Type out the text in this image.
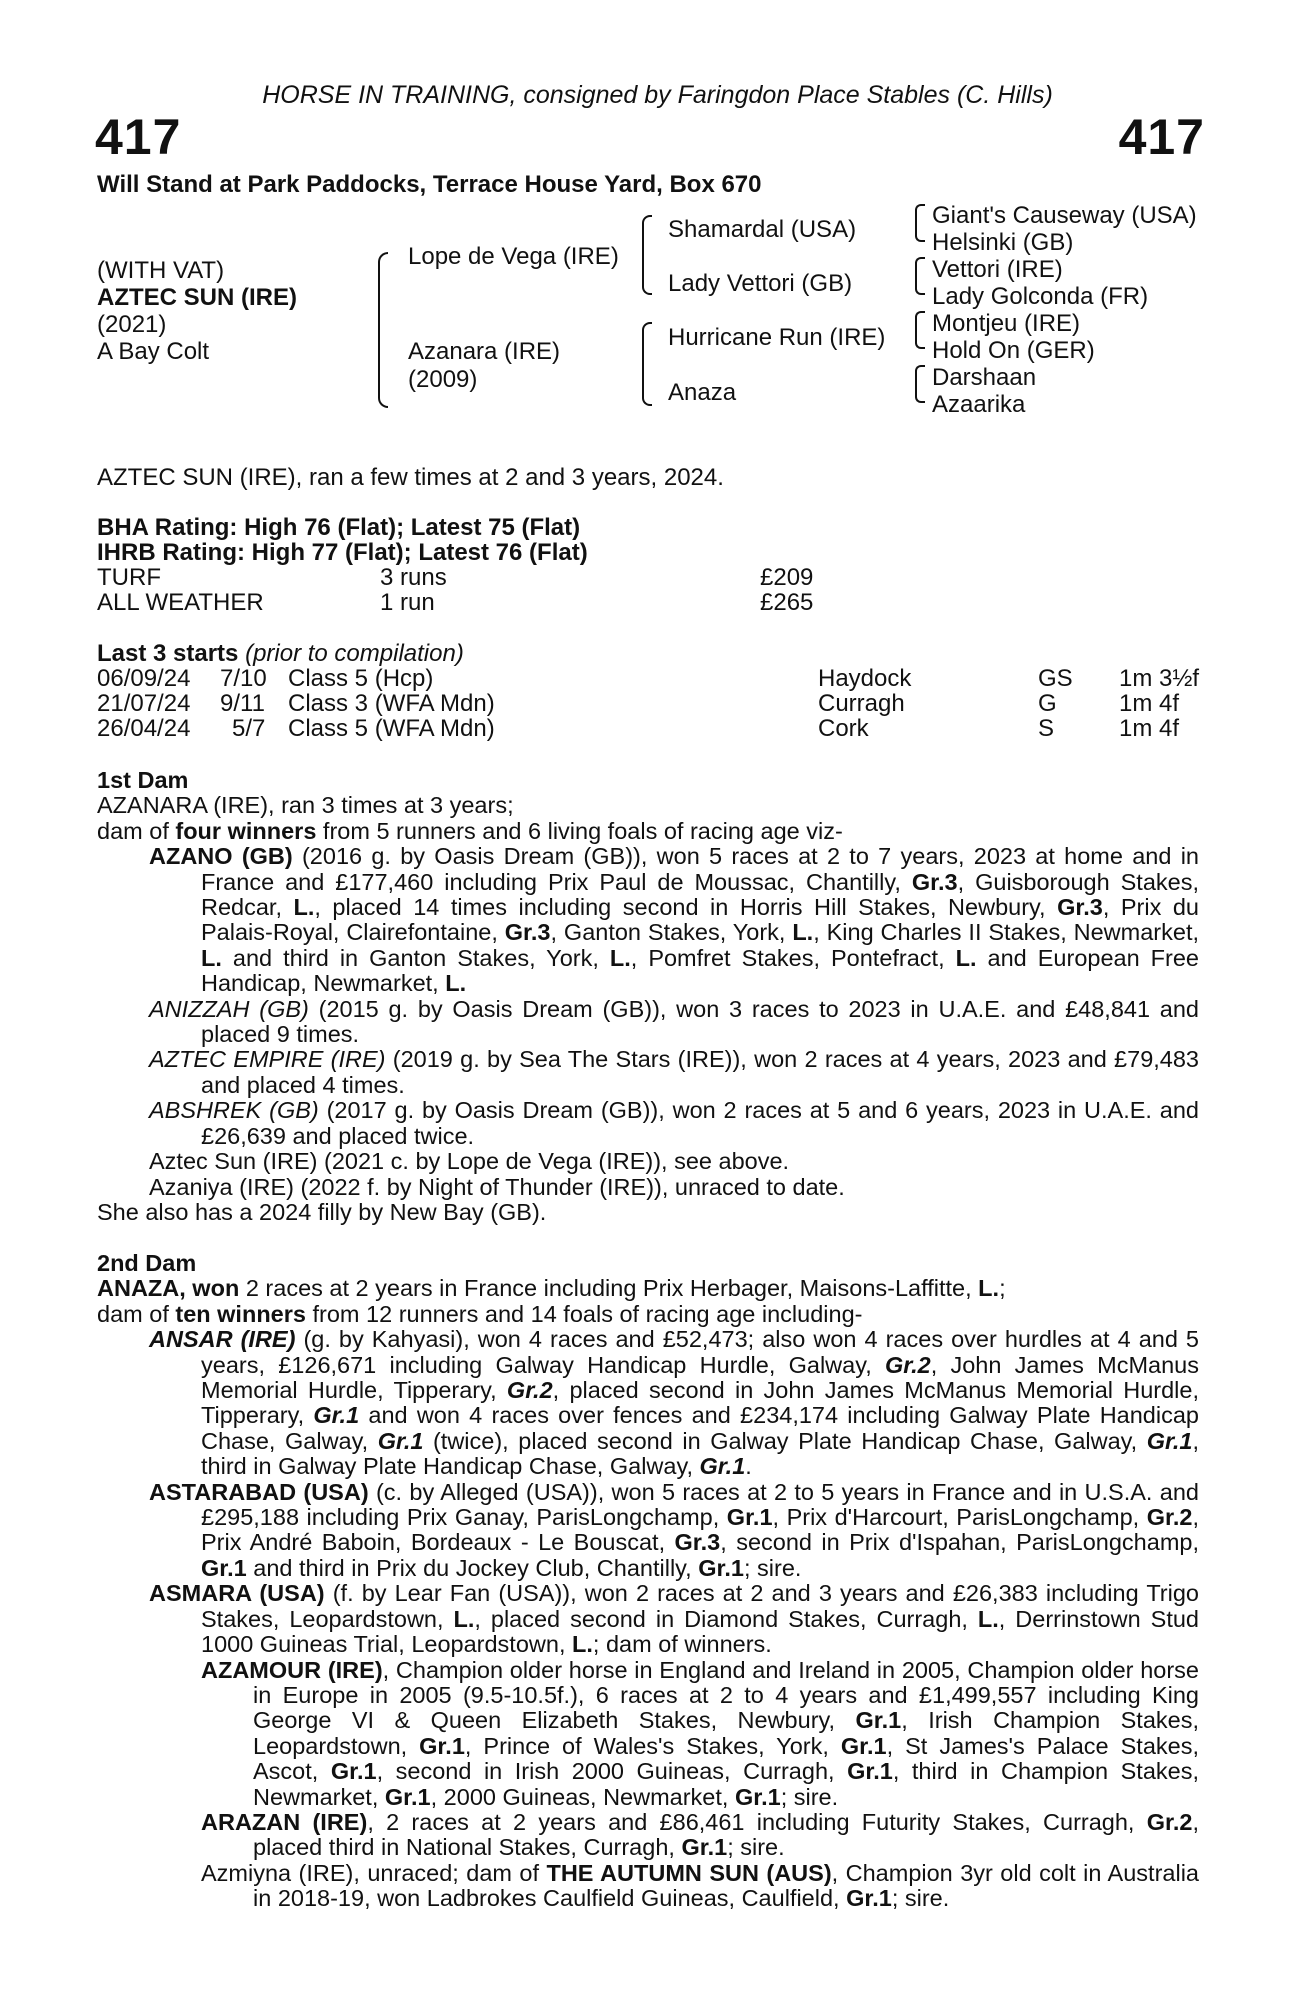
HORSE IN TRAINING, consigned by Faringdon Place Stables (C. Hills)
417	417
Will Stand at Park Paddocks, Terrace House Yard, Box 670
(WITH VAT)
AZTEC SUN (IRE)
(2021)
A Bay Colt
Lope de Vega (IRE)
Azanara (IRE)
(2009)
Shamardal (USA)
Lady Vettori (GB)
Hurricane Run (IRE)
Anaza
Giant's Causeway (USA)
Helsinki (GB)
Vettori (IRE)
Lady Golconda (FR)
Montjeu (IRE)
Hold On (GER)
Darshaan
Azaarika
AZTEC SUN (IRE), ran a few times at 2 and 3 years, 2024.
BHA Rating: High 76 (Flat); Latest 75 (Flat)
IHRB Rating: High 77 (Flat); Latest 76 (Flat)
TURF	3 runs	£209
ALL WEATHER	1 run	£265
Last 3 starts (prior to compilation)
06/09/24 7/10 Class 5 (Hcp)	Haydock	GS 1m 3½f
21/07/24 9/11 Class 3 (WFA Mdn)	Curragh	G	1m 4f
26/04/24 5/7 Class 5 (WFA Mdn)	Cork	S	1m 4f

1st Dam

AZANARA (IRE), ran 3 times at 3 years;

dam of four winners from 5 runners and 6 living foals of racing age viz-

AZANO (GB) (2016 g. by Oasis Dream (GB)), won 5 races at 2 to 7 years, 2023 at home and in France and £177,460 including Prix Paul de Moussac, Chantilly, Gr.3, Guisborough Stakes, Redcar, L., placed 14 times including second in Horris Hill Stakes, Newbury, Gr.3, Prix du Palais-Royal, Clairefontaine, Gr.3, Ganton Stakes, York, L., King Charles II Stakes, Newmarket, L. and third in Ganton Stakes, York, L., Pomfret Stakes, Pontefract, L. and European Free Handicap, Newmarket, L.

ANIZZAH (GB) (2015 g. by Oasis Dream (GB)), won 3 races to 2023 in U.A.E. and £48,841 and placed 9 times.

AZTEC EMPIRE (IRE) (2019 g. by Sea The Stars (IRE)), won 2 races at 4 years, 2023 and £79,483 and placed 4 times.

ABSHREK (GB) (2017 g. by Oasis Dream (GB)), won 2 races at 5 and 6 years, 2023 in U.A.E. and £26,639 and placed twice.

Aztec Sun (IRE) (2021 c. by Lope de Vega (IRE)), see above.

Azaniya (IRE) (2022 f. by Night of Thunder (IRE)), unraced to date.

She also has a 2024 filly by New Bay (GB).

2nd Dam

ANAZA, won 2 races at 2 years in France including Prix Herbager, Maisons-Laffitte, L.;

dam of ten winners from 12 runners and 14 foals of racing age including-

ANSAR (IRE) (g. by Kahyasi), won 4 races and £52,473; also won 4 races over hurdles at 4 and 5 years, £126,671 including Galway Handicap Hurdle, Galway, Gr.2, John James McManus Memorial Hurdle, Tipperary, Gr.2, placed second in John James McManus Memorial Hurdle, Tipperary, Gr.1 and won 4 races over fences and £234,174 including Galway Plate Handicap Chase, Galway, Gr.1 (twice), placed second in Galway Plate Handicap Chase, Galway, Gr.1, third in Galway Plate Handicap Chase, Galway, Gr.1.

ASTARABAD (USA) (c. by Alleged (USA)), won 5 races at 2 to 5 years in France and in U.S.A. and £295,188 including Prix Ganay, ParisLongchamp, Gr.1, Prix d'Harcourt, ParisLongchamp, Gr.2, Prix André Baboin, Bordeaux - Le Bouscat, Gr.3, second in Prix d'Ispahan, ParisLongchamp, Gr.1 and third in Prix du Jockey Club, Chantilly, Gr.1; sire.

ASMARA (USA) (f. by Lear Fan (USA)), won 2 races at 2 and 3 years and £26,383 including Trigo Stakes, Leopardstown, L., placed second in Diamond Stakes, Curragh, L., Derrinstown Stud 1000 Guineas Trial, Leopardstown, L.; dam of winners.

AZAMOUR (IRE), Champion older horse in England and Ireland in 2005, Champion older horse in Europe in 2005 (9.5-10.5f.), 6 races at 2 to 4 years and £1,499,557 including King George VI & Queen Elizabeth Stakes, Newbury, Gr.1, Irish Champion Stakes, Leopardstown, Gr.1, Prince of Wales's Stakes, York, Gr.1, St James's Palace Stakes, Ascot, Gr.1, second in Irish 2000 Guineas, Curragh, Gr.1, third in Champion Stakes, Newmarket, Gr.1, 2000 Guineas, Newmarket, Gr.1; sire.

ARAZAN (IRE), 2 races at 2 years and £86,461 including Futurity Stakes, Curragh, Gr.2, placed third in National Stakes, Curragh, Gr.1; sire.

Azmiyna (IRE), unraced; dam of THE AUTUMN SUN (AUS), Champion 3yr old colt in Australia in 2018-19, won Ladbrokes Caulfield Guineas, Caulfield, Gr.1; sire.
